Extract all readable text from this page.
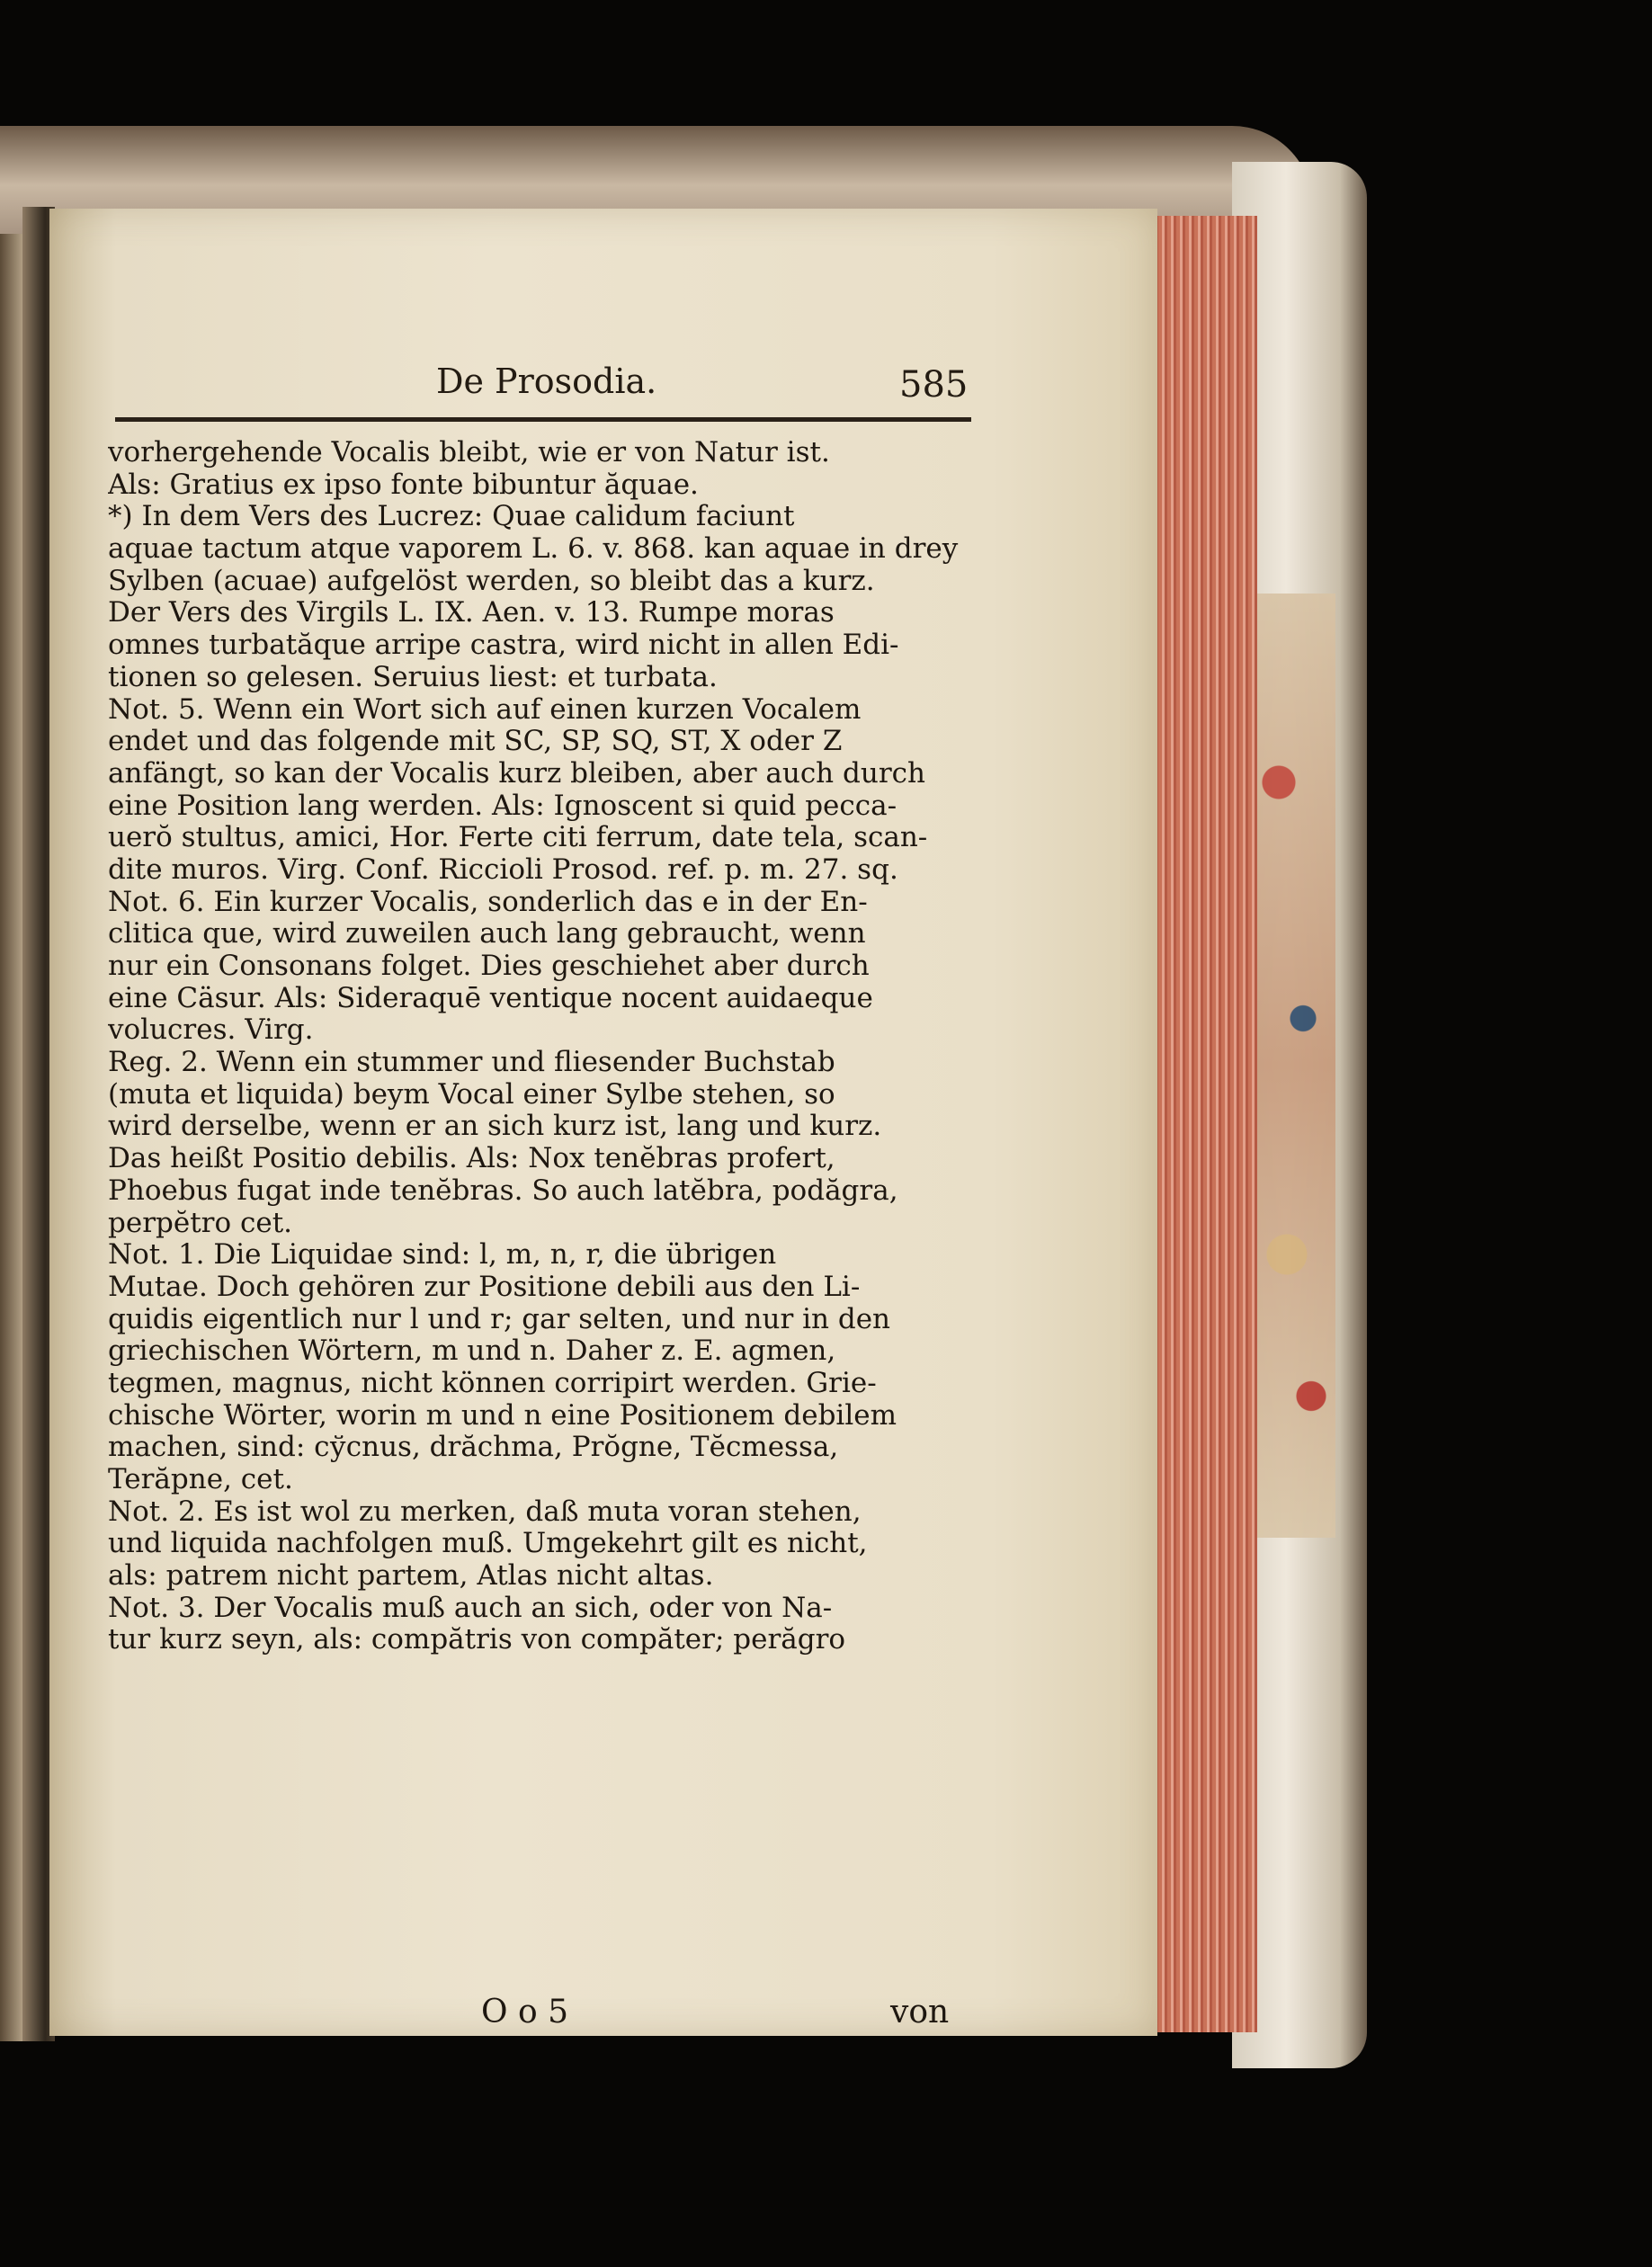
De Prosodia.	585
vorhergehende Vocalis bleibt, wie er von Natur ist.
Als: Gratius ex ipso fonte bibuntur ăquae.
*) In dem Vers des Lucrez: Quae calidum faciunt
aquae tactum atque vaporem L. 6. v. 868. kan aquae in drey
Sylben (acuae) aufgelöst werden, so bleibt das a kurz.
Der Vers des Virgils L. IX. Aen. v. 13. Rumpe moras
omnes turbatăque arripe castra, wird nicht in allen Edi-
tionen so gelesen. Seruius liest: et turbata.
Not. 5. Wenn ein Wort sich auf einen kurzen Vocalem
endet und das folgende mit SC, SP, SQ, ST, X oder Z
anfängt, so kan der Vocalis kurz bleiben, aber auch durch
eine Position lang werden. Als: Ignoscent si quid pecca-
uerŏ stultus, amici, Hor. Ferte citi ferrum, date tela, scan-
dite muros. Virg. Conf. Riccioli Prosod. ref. p. m. 27. sq.
Not. 6. Ein kurzer Vocalis, sonderlich das e in der En-
clitica que, wird zuweilen auch lang gebraucht, wenn
nur ein Consonans folget. Dies geschiehet aber durch
eine Cäsur. Als: Sideraquē ventique nocent auidaeque
volucres. Virg.
Reg. 2. Wenn ein stummer und fliesender Buchstab
(muta et liquida) beym Vocal einer Sylbe stehen, so
wird derselbe, wenn er an sich kurz ist, lang und kurz.
Das heißt Positio debilis. Als: Nox tenĕbras profert,
Phoebus fugat inde tenĕbras. So auch latĕbra, podăgra,
perpĕtro cet.
Not. 1. Die Liquidae sind: l, m, n, r, die übrigen
Mutae. Doch gehören zur Positione debili aus den Li-
quidis eigentlich nur l und r; gar selten, und nur in den
griechischen Wörtern, m und n. Daher z. E. agmen,
tegmen, magnus, nicht können corripirt werden. Grie-
chische Wörter, worin m und n eine Positionem debilem
machen, sind: cўcnus, drăchma, Prŏgne, Tĕcmessa,
Terăpne, cet.
Not. 2. Es ist wol zu merken, daß muta voran stehen,
und liquida nachfolgen muß. Umgekehrt gilt es nicht,
als: patrem nicht partem, Atlas nicht altas.
Not. 3. Der Vocalis muß auch an sich, oder von Na-
tur kurz seyn, als: compătris von compăter; perăgro
O o 5	von
